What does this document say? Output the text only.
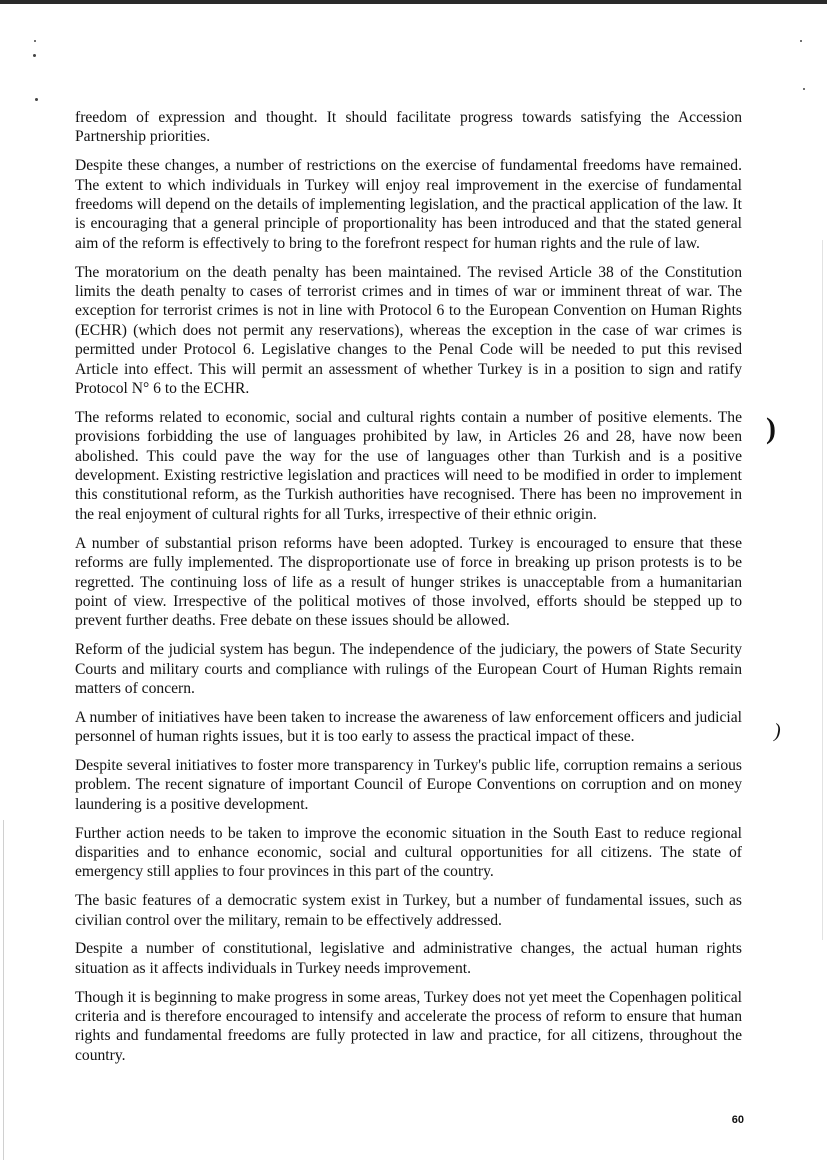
freedom of expression and thought. It should facilitate progress towards satisfying the Accession Partnership priorities.

Despite these changes, a number of restrictions on the exercise of fundamental freedoms have remained. The extent to which individuals in Turkey will enjoy real improvement in the exercise of fundamental freedoms will depend on the details of implementing legislation, and the practical application of the law. It is encouraging that a general principle of proportionality has been introduced and that the stated general aim of the reform is effectively to bring to the forefront respect for human rights and the rule of law.

The moratorium on the death penalty has been maintained. The revised Article 38 of the Constitution limits the death penalty to cases of terrorist crimes and in times of war or imminent threat of war. The exception for terrorist crimes is not in line with Protocol 6 to the European Convention on Human Rights (ECHR) (which does not permit any reservations), whereas the exception in the case of war crimes is permitted under Protocol 6. Legislative changes to the Penal Code will be needed to put this revised Article into effect. This will permit an assessment of whether Turkey is in a position to sign and ratify Protocol N° 6 to the ECHR.

The reforms related to economic, social and cultural rights contain a number of positive elements. The provisions forbidding the use of languages prohibited by law, in Articles 26 and 28, have now been abolished. This could pave the way for the use of languages other than Turkish and is a positive development. Existing restrictive legislation and practices will need to be modified in order to implement this constitutional reform, as the Turkish authorities have recognised. There has been no improvement in the real enjoyment of cultural rights for all Turks, irrespective of their ethnic origin.

A number of substantial prison reforms have been adopted. Turkey is encouraged to ensure that these reforms are fully implemented. The disproportionate use of force in breaking up prison protests is to be regretted. The continuing loss of life as a result of hunger strikes is unacceptable from a humanitarian point of view. Irrespective of the political motives of those involved, efforts should be stepped up to prevent further deaths. Free debate on these issues should be allowed.

Reform of the judicial system has begun. The independence of the judiciary, the powers of State Security Courts and military courts and compliance with rulings of the European Court of Human Rights remain matters of concern.

A number of initiatives have been taken to increase the awareness of law enforcement officers and judicial personnel of human rights issues, but it is too early to assess the practical impact of these.

Despite several initiatives to foster more transparency in Turkey's public life, corruption remains a serious problem. The recent signature of important Council of Europe Conventions on corruption and on money laundering is a positive development.

Further action needs to be taken to improve the economic situation in the South East to reduce regional disparities and to enhance economic, social and cultural opportunities for all citizens. The state of emergency still applies to four provinces in this part of the country.

The basic features of a democratic system exist in Turkey, but a number of fundamental issues, such as civilian control over the military, remain to be effectively addressed.

Despite a number of constitutional, legislative and administrative changes, the actual human rights situation as it affects individuals in Turkey needs improvement.

Though it is beginning to make progress in some areas, Turkey does not yet meet the Copenhagen political criteria and is therefore encouraged to intensify and accelerate the process of reform to ensure that human rights and fundamental freedoms are fully protected in law and practice, for all citizens, throughout the country.

)
)
60
